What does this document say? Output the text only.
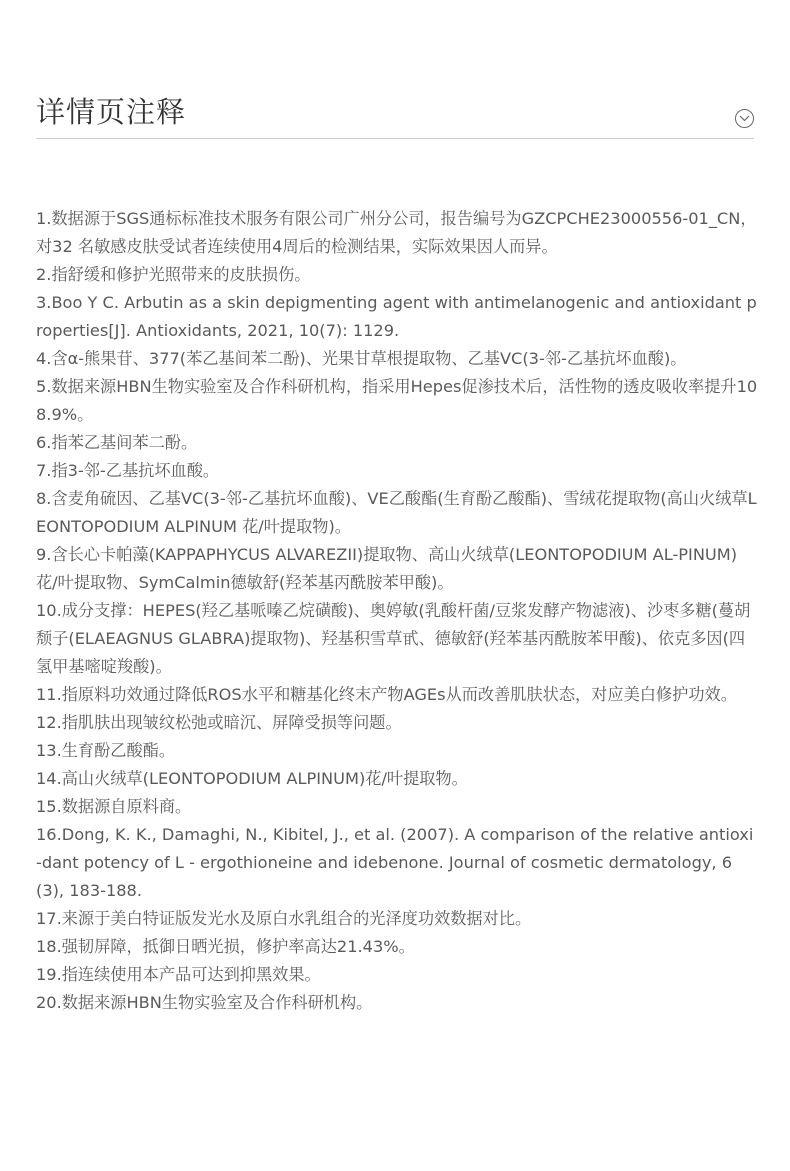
详情页注释
1.数据源于SGS通标标准技术服务有限公司广州分公司，报告编号为GZCPCHE23000556-01_CN，对32 名敏感皮肤受试者连续使用4周后的检测结果，实际效果因人而异。
2.指舒缓和修护光照带来的皮肤损伤。
3.Boo Y C. Arbutin as a skin depigmenting agent with antimelanogenic and antioxidant properties[J]. Antioxidants, 2021, 10(7): 1129.
4.含α-熊果苷、377(苯乙基间苯二酚)、光果甘草根提取物、乙基VC(3-邻-乙基抗坏血酸)。
5.数据来源HBN生物实验室及合作科研机构，指采用Hepes促渗技术后，活性物的透皮吸收率提升108.9%。
6.指苯乙基间苯二酚。
7.指3-邻-乙基抗坏血酸。
8.含麦角硫因、乙基VC(3-邻-乙基抗坏血酸)、VE乙酸酯(生育酚乙酸酯)、雪绒花提取物(高山火绒草LEONTOPODIUM ALPINUM 花/叶提取物)。
9.含长心卡帕藻(KAPPAPHYCUS ALVAREZII)提取物、高山火绒草(LEONTOPODIUM AL-PINUM)花/叶提取物、SymCalmin德敏舒(羟苯基丙酰胺苯甲酸)。
10.成分支撑：HEPES(羟乙基哌嗪乙烷磺酸)、奥婷敏(乳酸杆菌/豆浆发酵产物滤液)、沙枣多糖(蔓胡颓子(ELAEAGNUS GLABRA)提取物)、羟基积雪草甙、德敏舒(羟苯基丙酰胺苯甲酸)、依克多因(四氢甲基嘧啶羧酸)。
11.指原料功效通过降低ROS水平和糖基化终末产物AGEs从而改善肌肤状态，对应美白修护功效。
12.指肌肤出现皱纹松弛或暗沉、屏障受损等问题。
13.生育酚乙酸酯。
14.高山火绒草(LEONTOPODIUM ALPINUM)花/叶提取物。
15.数据源自原料商。
16.Dong, K. K., Damaghi, N., Kibitel, J., et al. (2007). A comparison of the relative antioxi-dant potency of L - ergothioneine and idebenone. Journal of cosmetic dermatology, 6(3), 183-188.
17.来源于美白特证版发光水及原白水乳组合的光泽度功效数据对比。
18.强韧屏障，抵御日晒光损，修护率高达21.43%。
19.指连续使用本产品可达到抑黑效果。
20.数据来源HBN生物实验室及合作科研机构。
